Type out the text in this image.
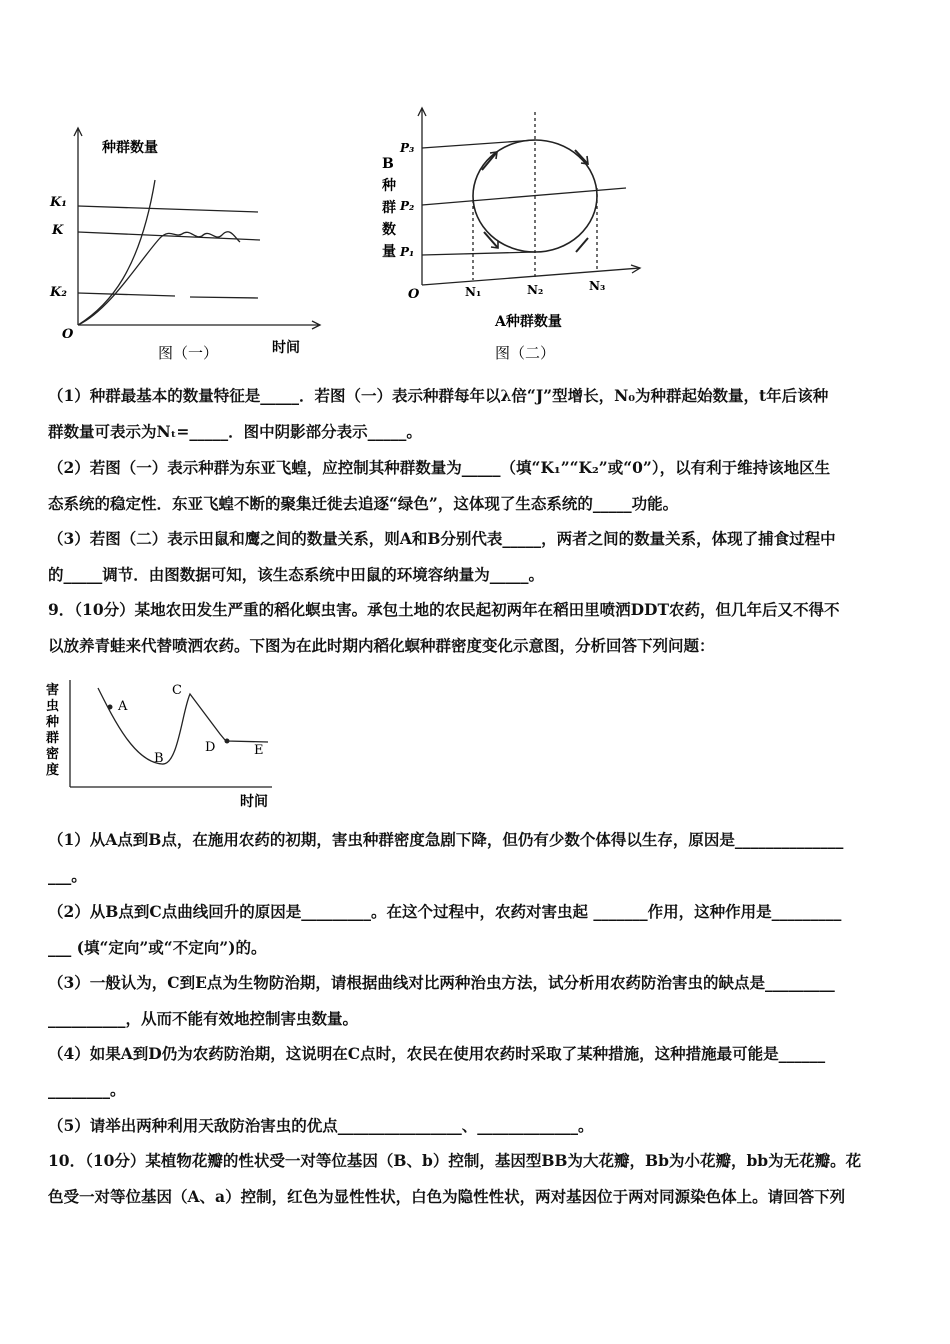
种群数量
K₁
K
K₂
O
时间
图（一）
B
种
群
数
量
P₃
P₂
P₁
O	N₁	N₂	N₃
A种群数量
图（二）
（1）种群最基本的数量特征是_____．若图（一）表示种群每年以λ倍“J”型增长，N₀为种群起始数量，t年后该种
群数量可表示为Nₜ=_____．图中阴影部分表示_____。
（2）若图（一）表示种群为东亚飞蝗，应控制其种群数量为_____（填“K₁”“K₂”或“0”），以有利于维持该地区生
态系统的稳定性．东亚飞蝗不断的聚集迁徙去追逐“绿色”，这体现了生态系统的_____功能。
（3）若图（二）表示田鼠和鹰之间的数量关系，则A和B分别代表_____，两者之间的数量关系，体现了捕食过程中
的_____调节．由图数据可知，该生态系统中田鼠的环境容纳量为_____。
9．（10分）某地农田发生严重的稻化螟虫害。承包土地的农民起初两年在稻田里喷洒DDT农药，但几年后又不得不
以放养青蛙来代替喷洒农药。下图为在此时期内稻化螟种群密度变化示意图，分析回答下列问题：
害
虫
种
群
密
度
A
B
C
D	E
时间
（1）从A点到B点，在施用农药的初期，害虫种群密度急剧下降，但仍有少数个体得以生存，原因是______________
___。
（2）从B点到C点曲线回升的原因是_________。在这个过程中，农药对害虫起 _______作用，这种作用是_________
___ (填“定向”或“不定向”)的。
（3）一般认为，C到E点为生物防治期，请根据曲线对比两种治虫方法，试分析用农药防治害虫的缺点是_________
__________，从而不能有效地控制害虫数量。
（4）如果A到D仍为农药防治期，这说明在C点时，农民在使用农药时采取了某种措施，这种措施最可能是______
________。
（5）请举出两种利用天敌防治害虫的优点________________、_____________。
10．（10分）某植物花瓣的性状受一对等位基因（B、b）控制，基因型BB为大花瓣，Bb为小花瓣，bb为无花瓣。花
色受一对等位基因（A、a）控制，红色为显性性状，白色为隐性性状，两对基因位于两对同源染色体上。请回答下列
